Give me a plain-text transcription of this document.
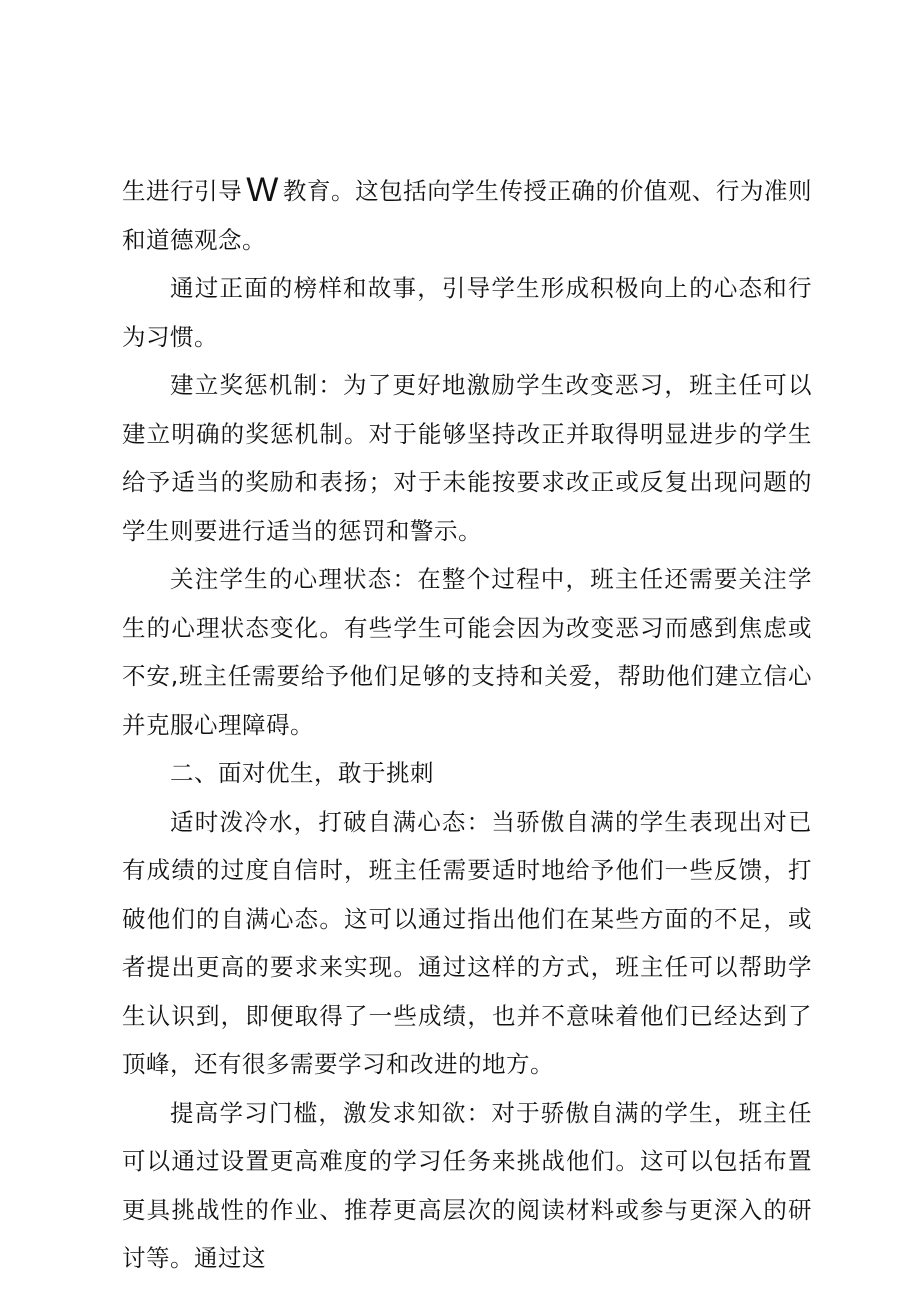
生进行引导 W 教育。这包括向学生传授正确的价值观、行为准则和道德观念。

通过正面的榜样和故事，引导学生形成积极向上的心态和行为习惯。

建立奖惩机制：为了更好地激励学生改变恶习，班主任可以建立明确的奖惩机制。对于能够坚持改正并取得明显进步的学生给予适当的奖励和表扬；对于未能按要求改正或反复出现问题的学生则要进行适当的惩罚和警示。

关注学生的心理状态：在整个过程中，班主任还需要关注学生的心理状态变化。有些学生可能会因为改变恶习而感到焦虑或不安,班主任需要给予他们足够的支持和关爱，帮助他们建立信心并克服心理障碍。

二、面对优生，敢于挑刺

适时泼冷水，打破自满心态：当骄傲自满的学生表现出对已有成绩的过度自信时，班主任需要适时地给予他们一些反馈，打破他们的自满心态。这可以通过指出他们在某些方面的不足，或者提出更高的要求来实现。通过这样的方式，班主任可以帮助学生认识到，即便取得了一些成绩，也并不意味着他们已经达到了顶峰，还有很多需要学习和改进的地方。

提高学习门槛，激发求知欲：对于骄傲自满的学生，班主任可以通过设置更高难度的学习任务来挑战他们。这可以包括布置更具挑战性的作业、推荐更高层次的阅读材料或参与更深入的研讨等。通过这
